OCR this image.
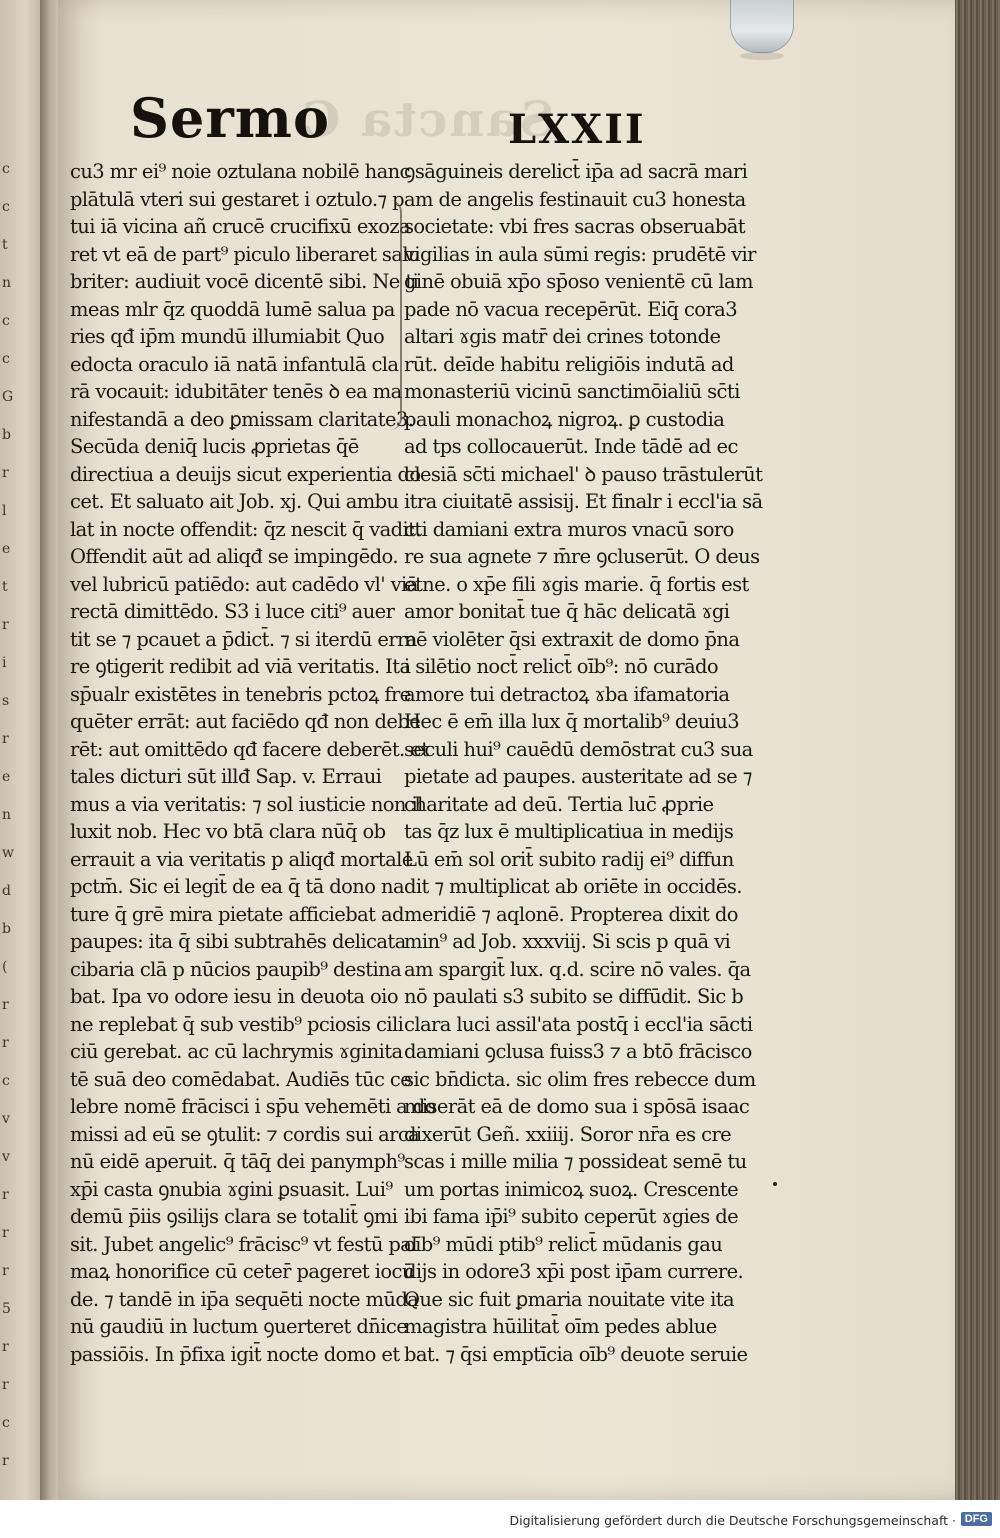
c
c
t
n
c
c
G
b
r
l
e
t
r
i
s
r
e
n
w
d
b
(
r
r
c
v
v
r
r
r
5
r
r
c
r
Sermo
Sancta C
LXXII
cu3 mr ei⁹ noie oztulana nobilē hanc
plātulā vteri sui gestaret i oztulo.⁊ p
tui iā vicina añ crucē crucifixū exoza
ret vt eā de part⁹ piculo liberaret salu
briter: audiuit vocē dicentē sibi. Ne ti
meas mlr q̄z quoddā lumē salua pa
ries qđ ip̄m mundū illumiabit Quo
edocta oraculo iā natā infantulā cla
rā vocauit: idubitāter tenēs ꝺ ea ma
nifestandā a deo ꝑmissam claritate3.
Secūda deniq̄ lucis ꝓprietas q̄ē
directiua a deuijs sicut experientia do
cet. Et saluato ait Job. xj. Qui ambu
lat in nocte offendit: q̄z nescit q̄ vadit.
Offendit aūt ad aliqđ se impingēdo.
vel lubricū patiēdo: aut cadēdo vl' viā
rectā dimittēdo. S3 i luce citi⁹ auer
tit se ⁊ pcauet a p̄dict̄. ⁊ si iterdū erra
re ꝯtigerit redibit ad viā veritatis. Ita
sp̄ualr existētes in tenebris pctoꝝ fre
quēter errāt: aut faciēdo qđ non debe
rēt: aut omittēdo qđ facere deberēt. et
tales dicturi sūt illđ Sap. v. Erraui
mus a via veritatis: ⁊ sol iusticie non il
luxit nob. Hec vo btā clara nūq̄ ob
errauit a via veritatis p aliqđ mortale
pctm̄. Sic ei legit̄ de ea q̄ tā dono na
ture q̄ grē mira pietate afficiebat ad
paupes: ita q̄ sibi subtrahēs delicata
cibaria clā p nūcios paupib⁹ destina
bat. Ipa vo odore iesu in deuota oio
ne replebat q̄ sub vestib⁹ pciosis cili
ciū gerebat. ac cū lachrymis ɤginita
tē suā deo comēdabat. Audiēs tūc ce
lebre nomē frācisci i sp̄u vehemēti a do
missi ad eū se ꝯtulit: ⁊ cordis sui arca
nū eidē aperuit. q̄ tāq̄ dei panymph⁹
xp̄i casta ꝯnubia ɤgini ꝑsuasit. Lui⁹
demū p̄iis ꝯsilijs clara se totalit̄ ꝯmi
sit. Jubet angelic⁹ frācisc⁹ vt festū pal
maꝝ honorifice cū ceter̄ pageret iocū
de. ⁊ tandē in ip̄a sequēti nocte mūda
nū gaudiū in luctum ꝯuerteret dn̄ice
passiōis. In p̄fixa igit̄ nocte domo et
ꝯsāguineis derelict̄ ip̄a ad sacrā mari
am de angelis festinauit cu3 honesta
societate: vbi fres sacras obseruabāt
vigilias in aula sūmi regis: prudētē vir
ginē obuiā xp̄o sp̄oso venientē cū lam
pade nō vacua recepērūt. Eiq̄ cora3
altari ɤgis matr̄ dei crines totonde
rūt. deīde habitu religiōis indutā ad
monasteriū vicinū sanctimōialiū sc̄ti
pauli monachoꝝ nigroꝝ. ꝑ custodia
ad tps collocauerūt. Inde tādē ad ec
clesiā sc̄ti michael' ꝺ pauso trāstulerūt
itra ciuitatē assisij. Et finalr i eccl'ia sā
cti damiani extra muros vnacū soro
re sua agnete ⁊ m̄re ꝯcluserūt. O deus
etne. o xp̄e fili ɤgis marie. q̄ fortis est
amor bonitat̄ tue q̄ hāc delicatā ɤgi
nē violēter q̄si extraxit de domo p̄na
i silētio noct̄ relict̄ oīb⁹: nō curādo
amore tui detractoꝝ ɤba ifamatoria
Hec ē em̄ illa lux q̄ mortalib⁹ deuiu3
seculi hui⁹ cauēdū demōstrat cu3 sua
pietate ad paupes. austeritate ad se ⁊
charitate ad deū. Tertia luc̄ ꝓprie
tas q̄z lux ē multiplicatiua in medijs
Lū em̄ sol orit̄ subito radij ei⁹ diffun
dit ⁊ multiplicat ab oriēte in occidēs.
meridiē ⁊ aqlonē. Propterea dixit do
min⁹ ad Job. xxxviij. Si scis p quā vi
am spargit̄ lux. q.d. scire nō vales. q̄a
nō paulati s3 subito se diffūdit. Sic b
clara luci assil'ata postq̄ i eccl'ia sācti
damiani ꝯclusa fuiss3 ⁊ a btō frācisco
sic bn̄dicta. sic olim fres rebecce dum
miserāt eā de domo sua i spōsā isaac
dixerūt Geñ. xxiiij. Soror nr̄a es cre
scas i mille milia ⁊ possideat semē tu
um portas inimicoꝝ suoꝝ. Crescente
ibi fama ip̄i⁹ subito ceperūt ɤgies de
oīb⁹ mūdi ptib⁹ relict̄ mūdanis gau
dijs in odore3 xp̄i post ip̄am currere.
Que sic fuit ꝑmaria nouitate vite ita
magistra hūilitat̄ oīm pedes ablue
bat. ⁊ q̄si emptīcia oīb⁹ deuote seruie
Digitalisierung gefördert durch die Deutsche Forschungsgemeinschaft · DFG
